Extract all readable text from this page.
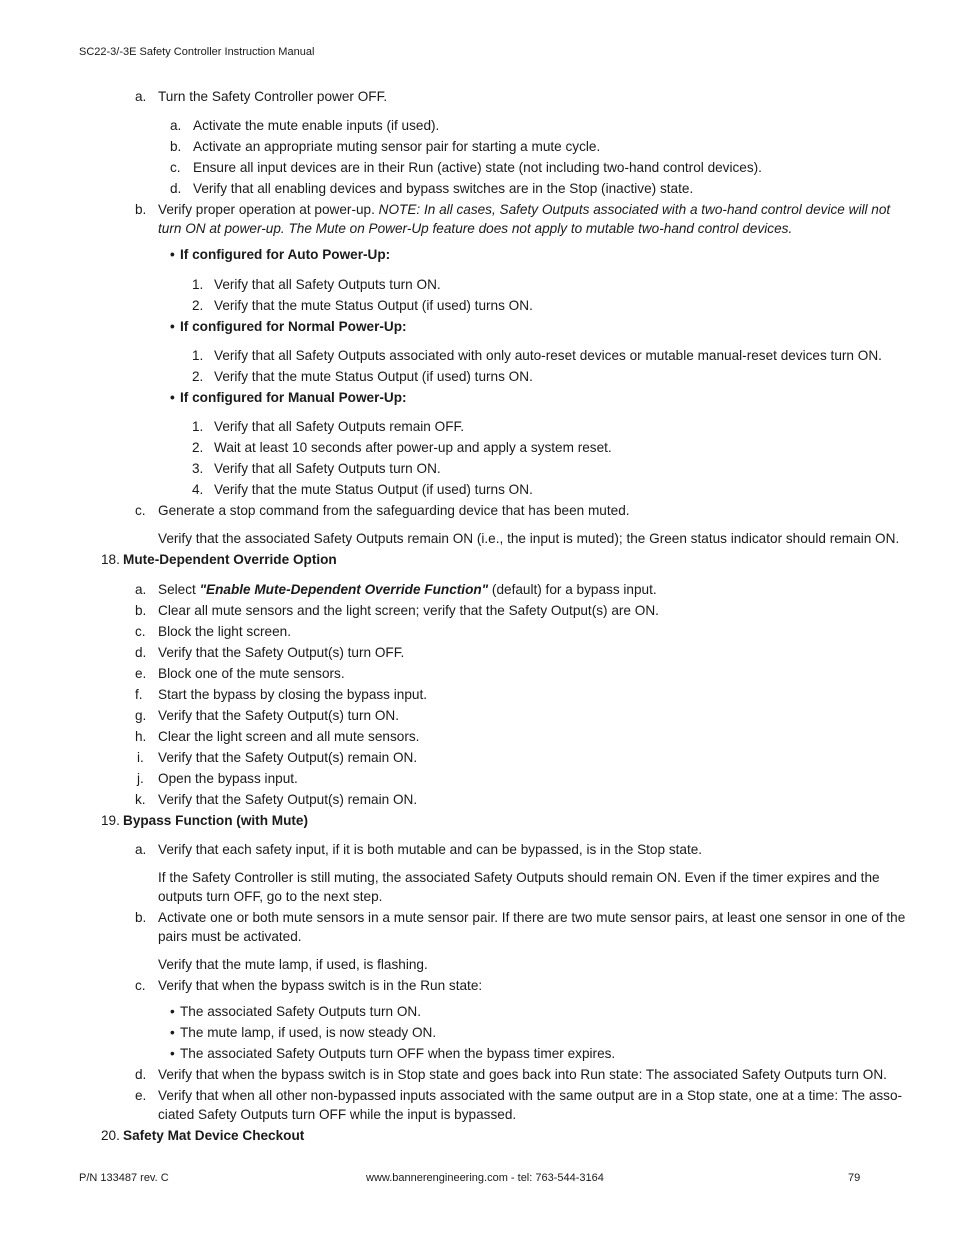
SC22-3/-3E Safety Controller Instruction Manual
a. Turn the Safety Controller power OFF.
a. Activate the mute enable inputs (if used).
b. Activate an appropriate muting sensor pair for starting a mute cycle.
c. Ensure all input devices are in their Run (active) state (not including two-hand control devices).
d. Verify that all enabling devices and bypass switches are in the Stop (inactive) state.
b. Verify proper operation at power-up. NOTE: In all cases, Safety Outputs associated with a two-hand control device will not
turn ON at power-up. The Mute on Power-Up feature does not apply to mutable two-hand control devices.
• If configured for Auto Power-Up:
1. Verify that all Safety Outputs turn ON.
2. Verify that the mute Status Output (if used) turns ON.
• If configured for Normal Power-Up:
1. Verify that all Safety Outputs associated with only auto-reset devices or mutable manual-reset devices turn ON.
2. Verify that the mute Status Output (if used) turns ON.
• If configured for Manual Power-Up:
1. Verify that all Safety Outputs remain OFF.
2. Wait at least 10 seconds after power-up and apply a system reset.
3. Verify that all Safety Outputs turn ON.
4. Verify that the mute Status Output (if used) turns ON.
c. Generate a stop command from the safeguarding device that has been muted.
Verify that the associated Safety Outputs remain ON (i.e., the input is muted); the Green status indicator should remain ON.
18. Mute-Dependent Override Option
a. Select "Enable Mute-Dependent Override Function" (default) for a bypass input.
b. Clear all mute sensors and the light screen; verify that the Safety Output(s) are ON.
c. Block the light screen.
d. Verify that the Safety Output(s) turn OFF.
e. Block one of the mute sensors.
f. Start the bypass by closing the bypass input.
g. Verify that the Safety Output(s) turn ON.
h. Clear the light screen and all mute sensors.
i. Verify that the Safety Output(s) remain ON.
j. Open the bypass input.
k. Verify that the Safety Output(s) remain ON.
19. Bypass Function (with Mute)
a. Verify that each safety input, if it is both mutable and can be bypassed, is in the Stop state.
If the Safety Controller is still muting, the associated Safety Outputs should remain ON. Even if the timer expires and the
outputs turn OFF, go to the next step.
b. Activate one or both mute sensors in a mute sensor pair. If there are two mute sensor pairs, at least one sensor in one of the
pairs must be activated.
Verify that the mute lamp, if used, is flashing.
c. Verify that when the bypass switch is in the Run state:
• The associated Safety Outputs turn ON.
• The mute lamp, if used, is now steady ON.
• The associated Safety Outputs turn OFF when the bypass timer expires.
d. Verify that when the bypass switch is in Stop state and goes back into Run state: The associated Safety Outputs turn ON.
e. Verify that when all other non-bypassed inputs associated with the same output are in a Stop state, one at a time: The asso-
ciated Safety Outputs turn OFF while the input is bypassed.
20. Safety Mat Device Checkout
P/N 133487 rev. C	www.bannerengineering.com - tel: 763-544-3164	79
